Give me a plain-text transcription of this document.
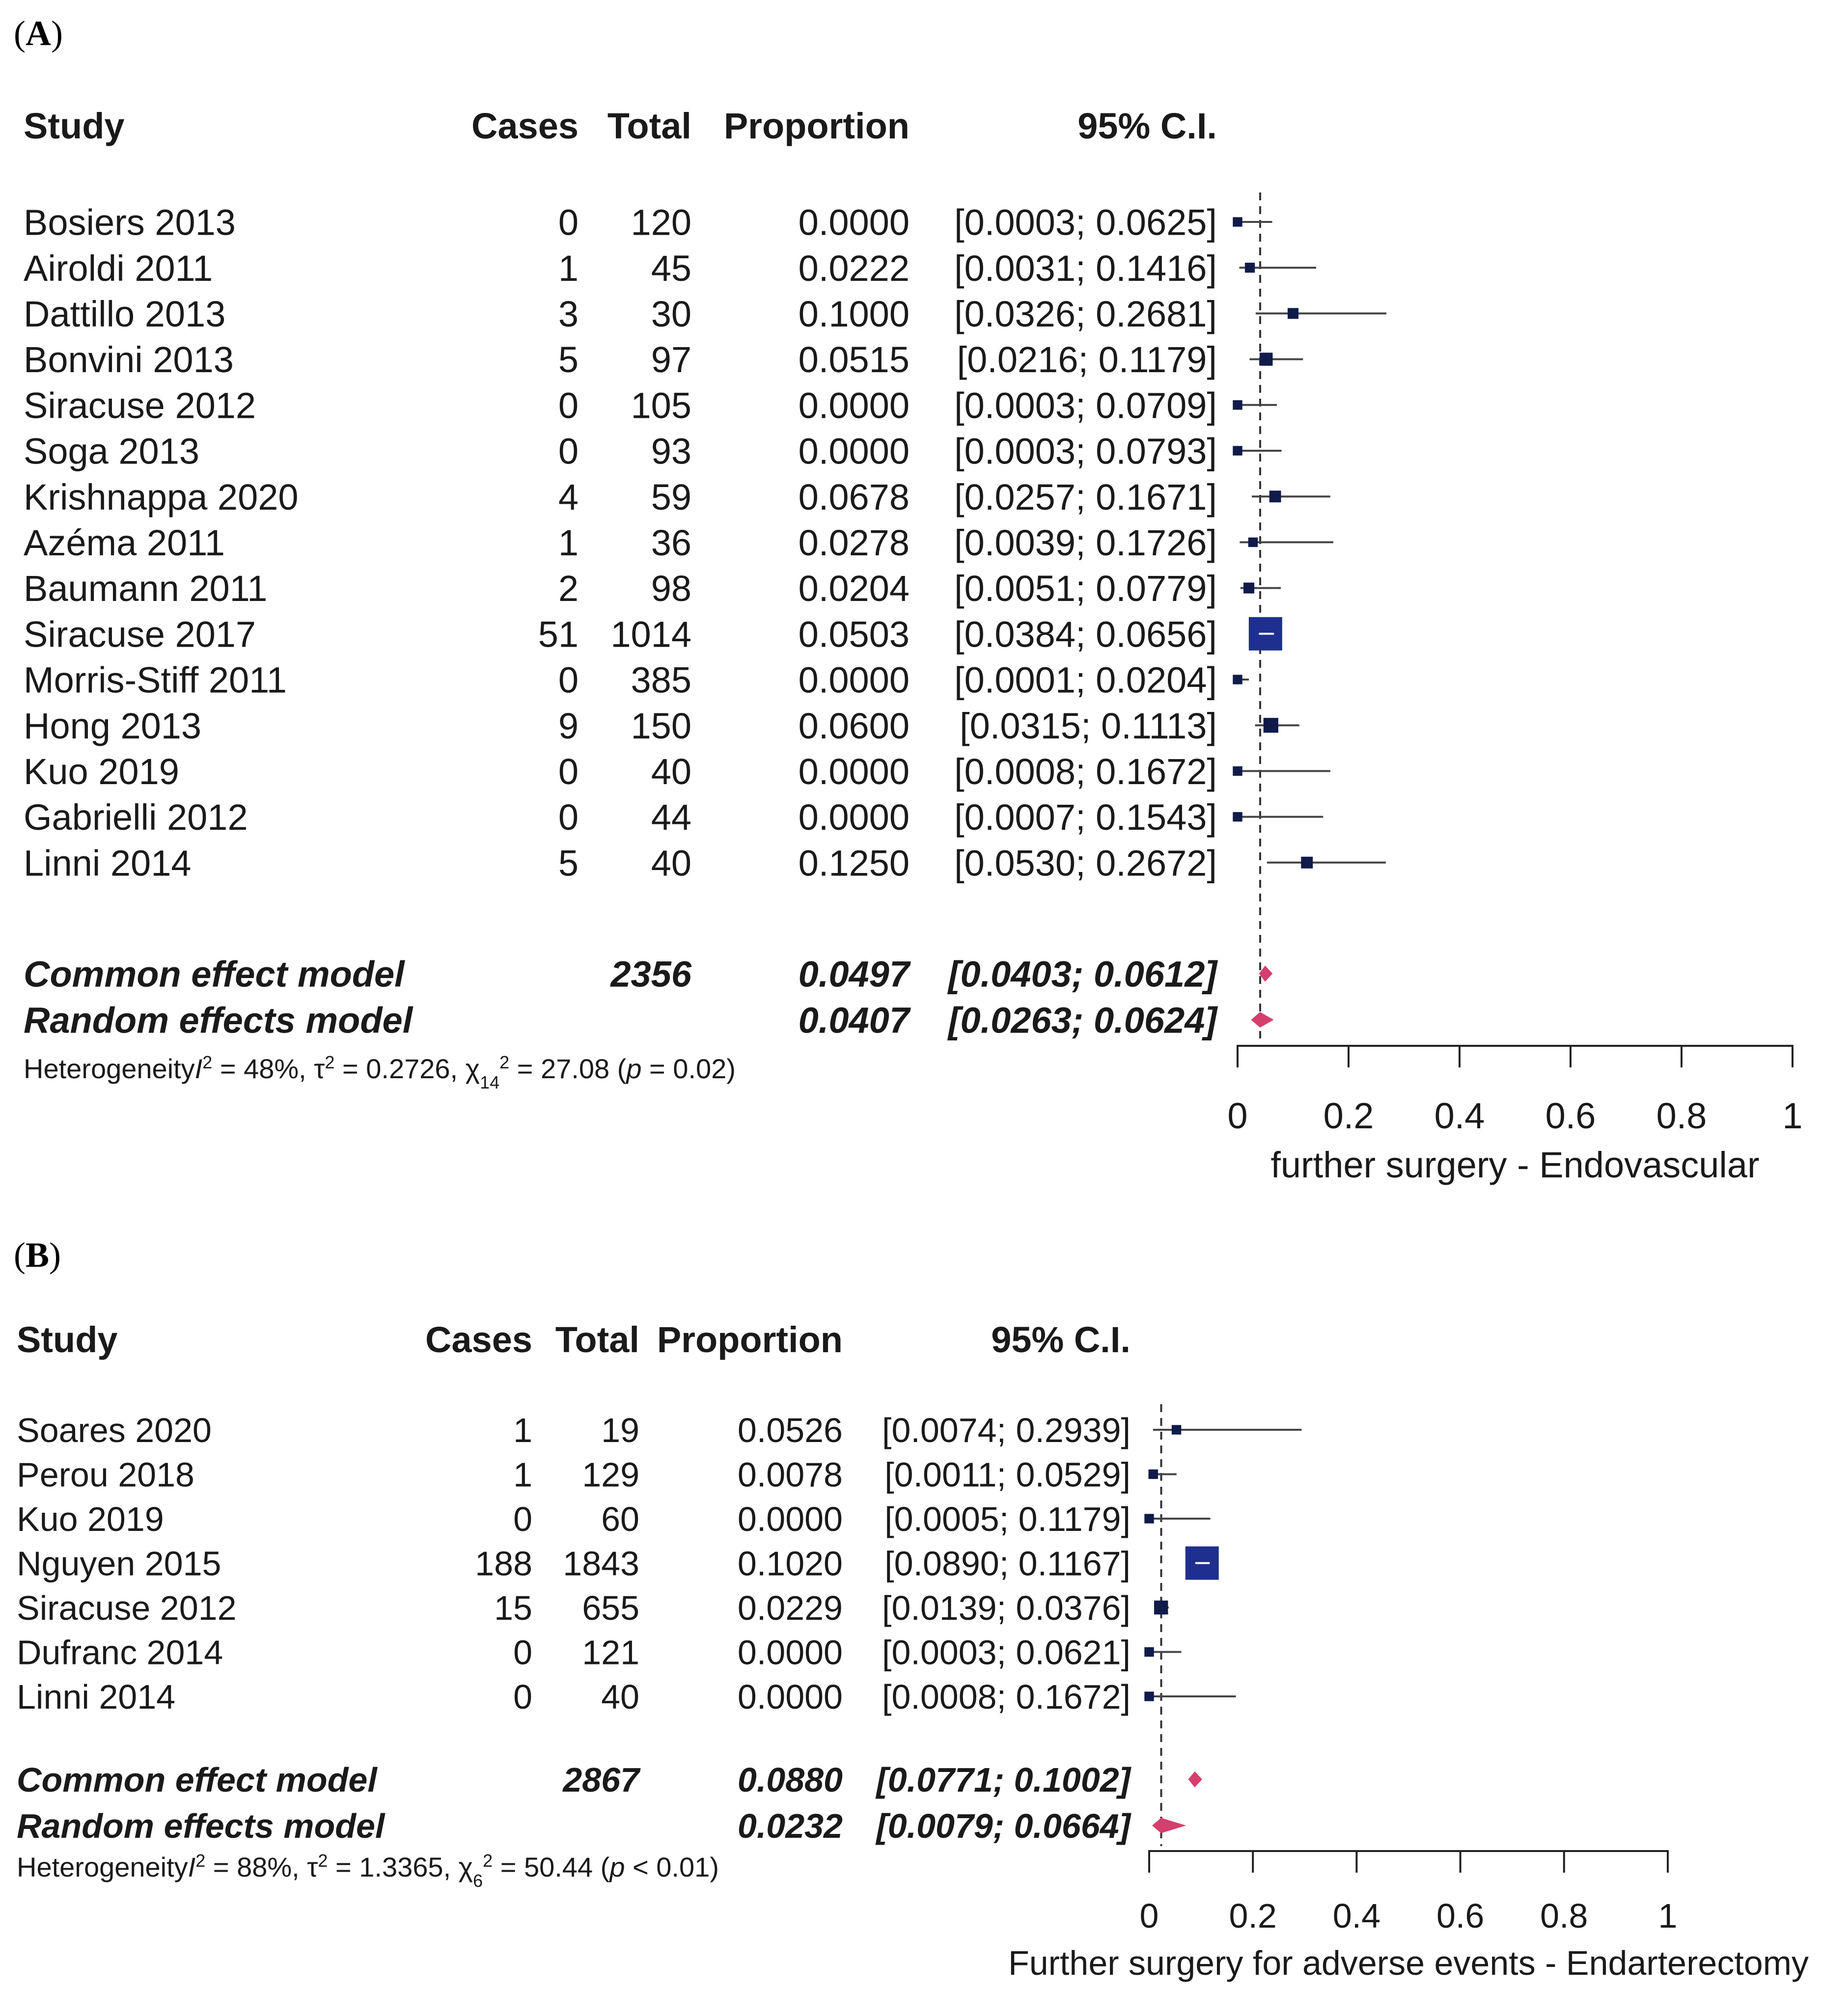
(A)
Study	Cases Total Proportion	95% C.I.
Bosiers 2013	0 120	0.0000 [0.0003; 0.0625]
Airoldi 2011	1 45	0.0222 [0.0031; 0.1416]
Dattillo 2013	3 30	0.1000 [0.0326; 0.2681]
Bonvini 2013	5 97	0.0515 [0.0216; 0.1179]
Siracuse 2012	0 105	0.0000 [0.0003; 0.0709]
Soga 2013	0 93	0.0000 [0.0003; 0.0793]
Krishnappa 2020	4 59	0.0678 [0.0257; 0.1671]
Azéma 2011	1 36	0.0278 [0.0039; 0.1726]
Baumann 2011	2 98	0.0204 [0.0051; 0.0779]
Siracuse 2017	51 1014	0.0503 [0.0384; 0.0656]
Morris-Stiff 2011	0 385	0.0000 [0.0001; 0.0204]
Hong 2013	9 150	0.0600 [0.0315; 0.1113]
Kuo 2019	0 40	0.0000 [0.0008; 0.1672]
Gabrielli 2012	0 44	0.0000 [0.0007; 0.1543]
Linni 2014	5 40	0.1250 [0.0530; 0.2672]
Common effect model	2356	0.0497 [0.0403; 0.0612]
Random effects model	0.0407 [0.0263; 0.0624]
0 0.2 0.4 0.6 0.8 1
further surgery - Endovascular
HeterogeneityI$^2$ = 48%, $\tau^2 = 0.2726$, $\chi_{14}^2 = 27.08$ (p = 0.02)
(B)
Study	Cases Total Proportion	95% C.I.
Soares 2020	1 19	0.0526 [0.0074; 0.2939]
Perou 2018	1 129	0.0078 [0.0011; 0.0529]
Kuo 2019	0 60	0.0000 [0.0005; 0.1179]
Nguyen 2015	188 1843	0.1020 [0.0890; 0.1167]
Siracuse 2012	15 655	0.0229 [0.0139; 0.0376]
Dufranc 2014	0 121	0.0000 [0.0003; 0.0621]
Linni 2014	0 40	0.0000 [0.0008; 0.1672]
Common effect model	2867	0.0880 [0.0771; 0.1002]
Random effects model	0.0232 [0.0079; 0.0664]
0 0.2 0.4 0.6 0.8 1
Further surgery for adverse events - Endarterectomy
HeterogeneityI$^2$ = 88%, $\tau^2 = 1.3365$, $\chi_6^2 = 50.44$ (p < 0.01)
